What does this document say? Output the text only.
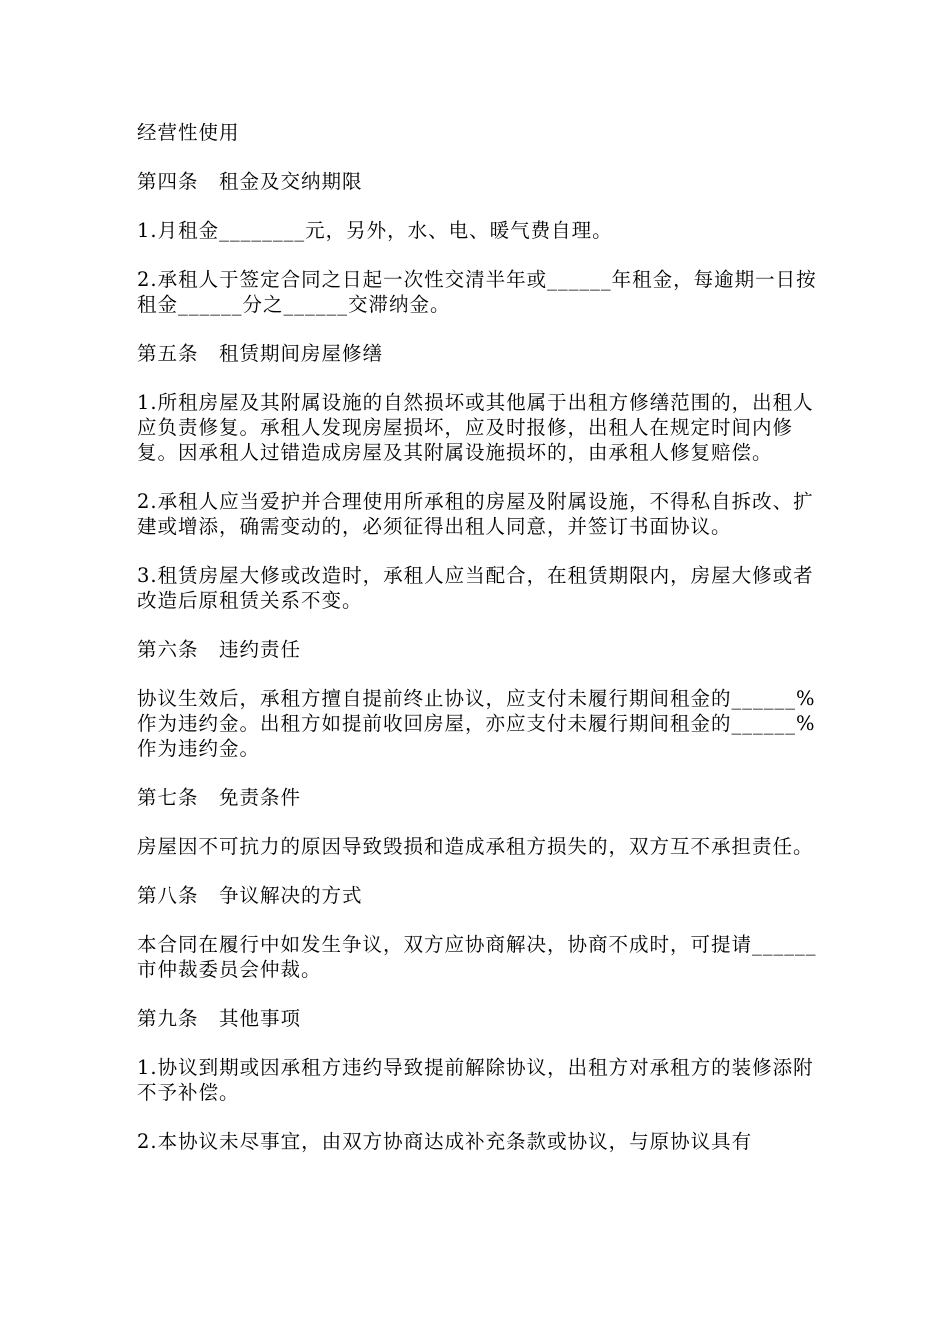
经营性使用

第四条　租金及交纳期限

1.月租金________元，另外，水、电、暖气费自理。

2.承租人于签定合同之日起一次性交清半年或______年租金，每逾期一日按租金______分之______交滞纳金。

第五条　租赁期间房屋修缮

1.所租房屋及其附属设施的自然损坏或其他属于出租方修缮范围的，出租人应负责修复。承租人发现房屋损坏，应及时报修，出租人在规定时间内修复。因承租人过错造成房屋及其附属设施损坏的，由承租人修复赔偿。

2.承租人应当爱护并合理使用所承租的房屋及附属设施，不得私自拆改、扩建或增添，确需变动的，必须征得出租人同意，并签订书面协议。

3.租赁房屋大修或改造时，承租人应当配合，在租赁期限内，房屋大修或者改造后原租赁关系不变。

第六条　违约责任

协议生效后，承租方擅自提前终止协议，应支付未履行期间租金的______%作为违约金。出租方如提前收回房屋，亦应支付未履行期间租金的______%作为违约金。

第七条　免责条件

房屋因不可抗力的原因导致毁损和造成承租方损失的，双方互不承担责任。

第八条　争议解决的方式

本合同在履行中如发生争议，双方应协商解决，协商不成时，可提请______市仲裁委员会仲裁。

第九条　其他事项

1.协议到期或因承租方违约导致提前解除协议，出租方对承租方的装修添附不予补偿。

2.本协议未尽事宜，由双方协商达成补充条款或协议，与原协议具有
